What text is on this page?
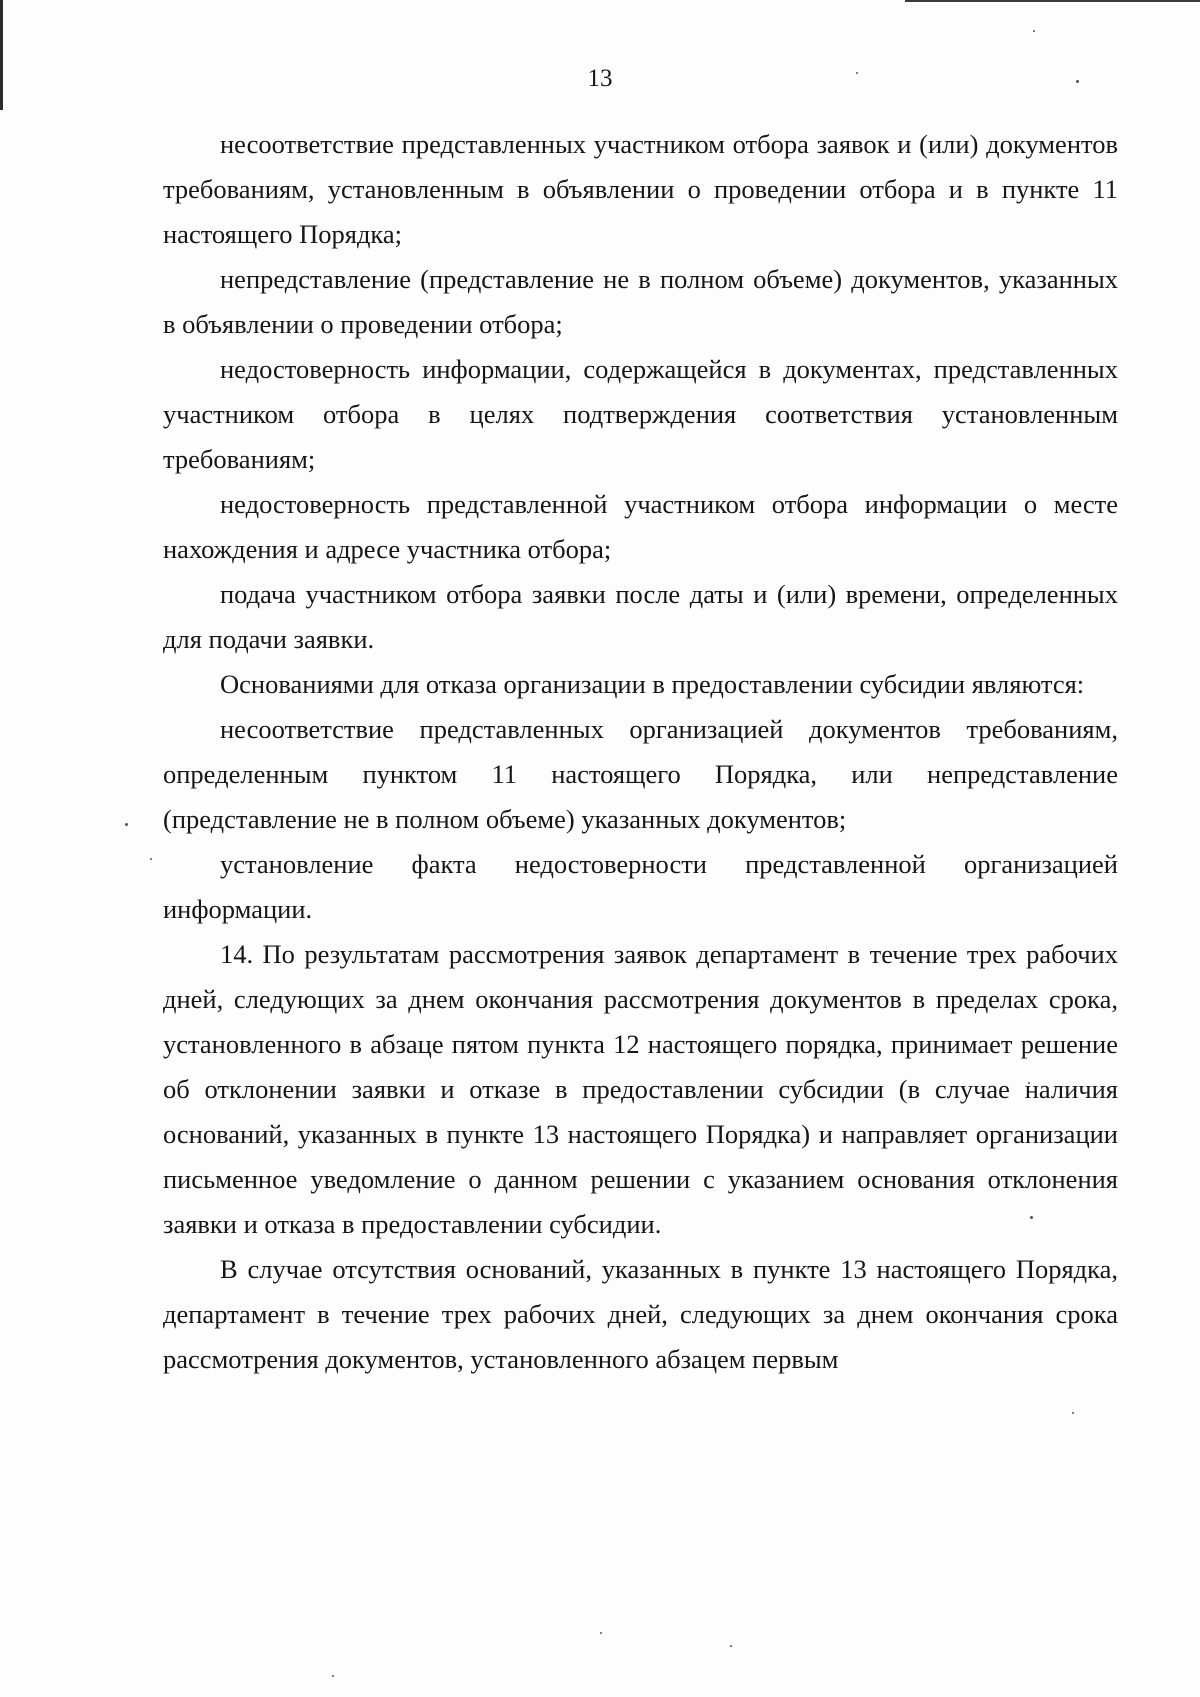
13

несоответствие представленных участником отбора заявок и (или) документов требованиям, установленным в объявлении о проведении отбора и в пункте 11 настоящего Порядка;

непредставление (представление не в полном объеме) документов, указанных в объявлении о проведении отбора;

недостоверность информации, содержащейся в документах, представленных участником отбора в целях подтверждения соответствия установленным требованиям;

недостоверность представленной участником отбора информации о месте нахождения и адресе участника отбора;

подача участником отбора заявки после даты и (или) времени, определенных для подачи заявки.

Основаниями для отказа организации в предоставлении субсидии являются:

несоответствие представленных организацией документов требованиям, определенным пунктом 11 настоящего Порядка, или непредставление (представление не в полном объеме) указанных документов;

установление факта недостоверности представленной организацией информации.

14. По результатам рассмотрения заявок департамент в течение трех рабочих дней, следующих за днем окончания рассмотрения документов в пределах срока, установленного в абзаце пятом пункта 12 настоящего порядка, принимает решение об отклонении заявки и отказе в предоставлении субсидии (в случае наличия оснований, указанных в пункте 13 настоящего Порядка) и направляет организации письменное уведомление о данном решении с указанием основания отклонения заявки и отказа в предоставлении субсидии.

В случае отсутствия оснований, указанных в пункте 13 настоящего Порядка, департамент в течение трех рабочих дней, следующих за днем окончания срока рассмотрения документов, установленного абзацем первым
